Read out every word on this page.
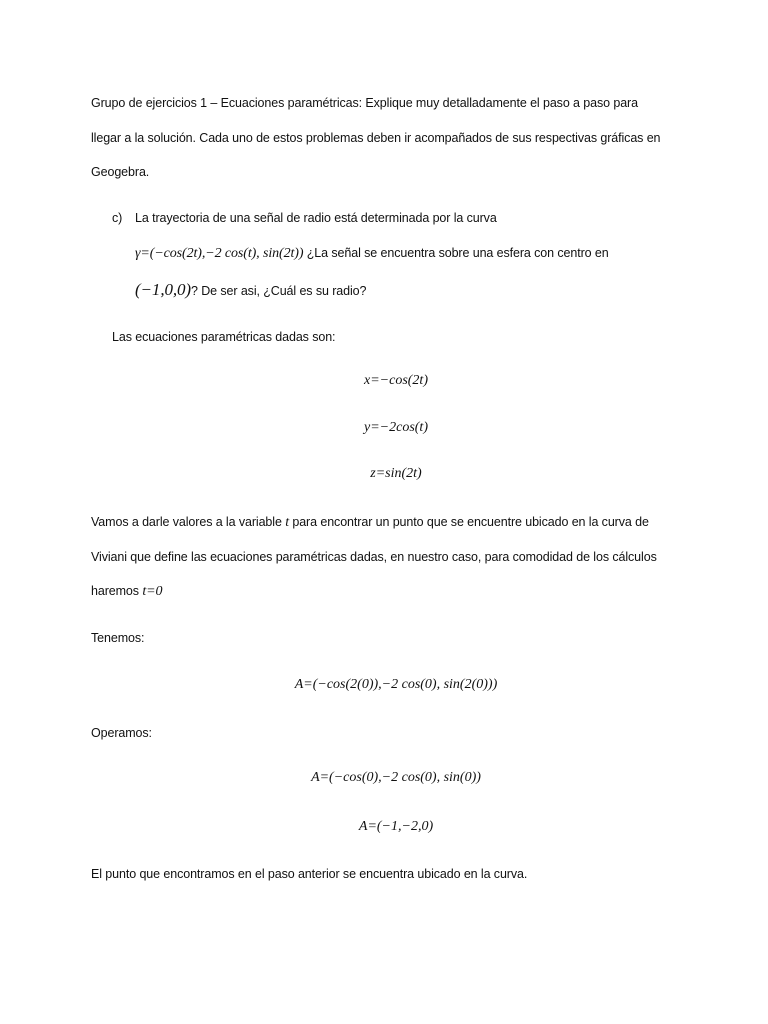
Grupo de ejercicios 1 – Ecuaciones paramétricas: Explique muy detalladamente el paso a paso para
llegar a la solución. Cada uno de estos problemas deben ir acompañados de sus respectivas gráficas en
Geogebra.
c) La trayectoria de una señal de radio está determinada por la curva
γ=(−cos(2t),−2 cos(t), sin(2t)) ¿La señal se encuentra sobre una esfera con centro en
(−1,0,0)? De ser asi, ¿Cuál es su radio?
Las ecuaciones paramétricas dadas son:
x=−cos(2t)
y=−2cos(t)
z=sin(2t)
Vamos a darle valores a la variable t para encontrar un punto que se encuentre ubicado en la curva de
Viviani que define las ecuaciones paramétricas dadas, en nuestro caso, para comodidad de los cálculos
haremos t=0
Tenemos:
A=(−cos(2(0)),−2 cos(0), sin(2(0)))
Operamos:
A=(−cos(0),−2 cos(0), sin(0))
A=(−1,−2,0)
El punto que encontramos en el paso anterior se encuentra ubicado en la curva.
